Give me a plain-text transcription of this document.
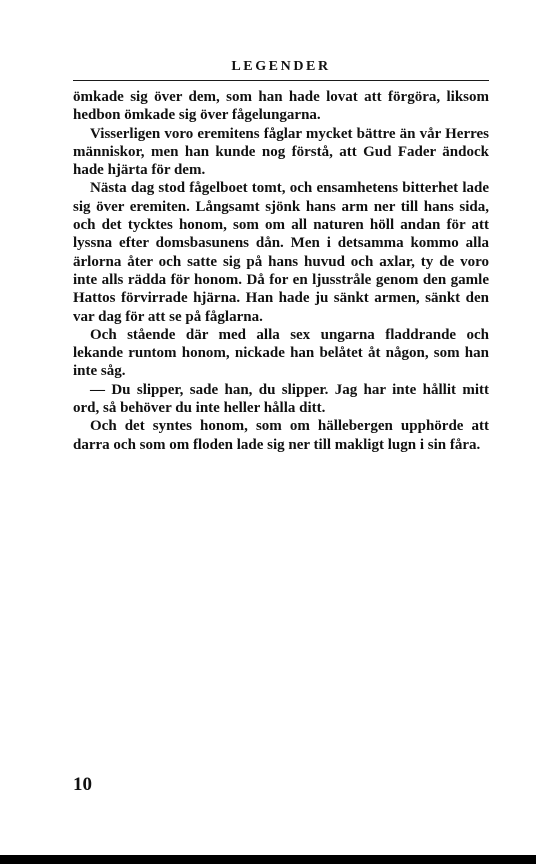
LEGENDER

ömkade sig över dem, som han hade lovat att förgöra, liksom hedbon ömkade sig över fågelungarna.

Visserligen voro eremitens fåglar mycket bättre än vår Herres människor, men han kunde nog förstå, att Gud Fader ändock hade hjärta för dem.

Nästa dag stod fågelboet tomt, och ensamhetens bitterhet lade sig över eremiten. Långsamt sjönk hans arm ner till hans sida, och det tycktes honom, som om all naturen höll andan för att lyssna efter domsbasunens dån. Men i detsamma kommo alla ärlorna åter och satte sig på hans huvud och axlar, ty de voro inte alls rädda för honom. Då for en ljusstråle genom den gamle Hattos förvirrade hjärna. Han hade ju sänkt armen, sänkt den var dag för att se på fåglarna.

Och stående där med alla sex ungarna fladdrande och lekande runtom honom, nickade han belåtet åt någon, som han inte såg.

— Du slipper, sade han, du slipper. Jag har inte hållit mitt ord, så behöver du inte heller hålla ditt.

Och det syntes honom, som om hällebergen upphörde att darra och som om floden lade sig ner till makligt lugn i sin fåra.

10
